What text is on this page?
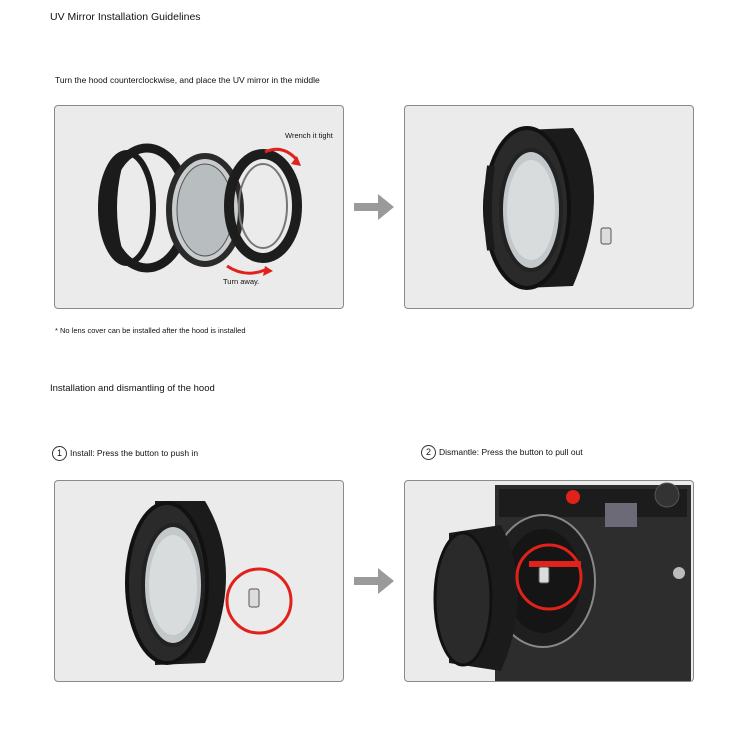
UV Mirror Installation Guidelines
Turn the hood counterclockwise, and place the UV mirror in the middle
Wrench it tight
Turn away.
* No lens cover can be installed after the hood is installed
Installation and dismantling of the hood
1 Install: Press the button to push in	2 Dismantle: Press the button to pull out
